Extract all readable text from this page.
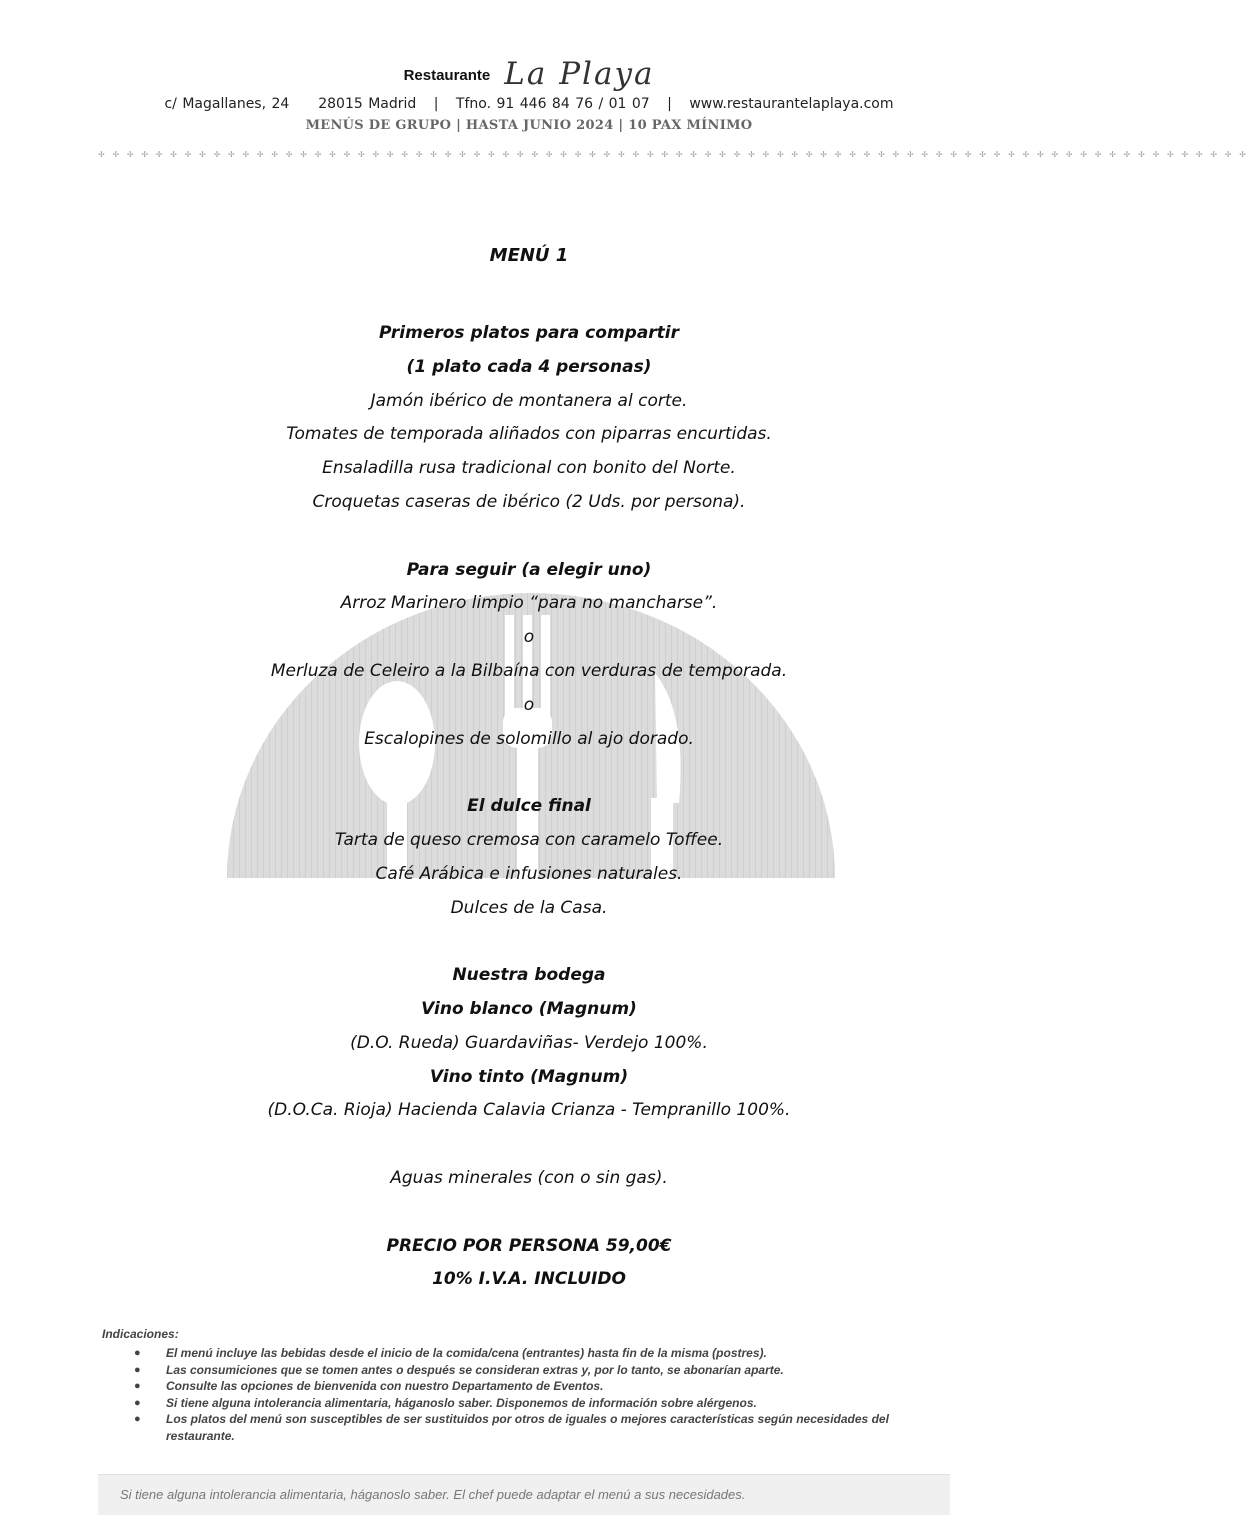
Restaurante La Playa
c/ Magallanes, 24 28015 Madrid | Tfno. 91 446 84 76 / 01 07 | www.restaurantelaplaya.com
MENÚS DE GRUPO | HASTA JUNIO 2024 | 10 PAX MÍNIMO
✢ ✢ ✢ ✢ ✢ ✢ ✢ ✢ ✢ ✢ ✢ ✢ ✢ ✢ ✢ ✢ ✢ ✢ ✢ ✢ ✢ ✢ ✢ ✢ ✢ ✢ ✢ ✢ ✢ ✢ ✢ ✢ ✢ ✢ ✢ ✢ ✢ ✢ ✢ ✢ ✢ ✢ ✢ ✢ ✢ ✢ ✢ ✢ ✢ ✢ ✢ ✢ ✢ ✢ ✢ ✢ ✢ ✢ ✢ ✢ ✢ ✢ ✢ ✢ ✢ ✢ ✢ ✢ ✢ ✢ ✢ ✢ ✢ ✢ ✢ ✢ ✢ ✢ ✢ ✢
MENÚ 1
Primeros platos para compartir
(1 plato cada 4 personas)
Jamón ibérico de montanera al corte.
Tomates de temporada aliñados con piparras encurtidas.
Ensaladilla rusa tradicional con bonito del Norte.
Croquetas caseras de ibérico (2 Uds. por persona).
Para seguir (a elegir uno)
Arroz Marinero limpio “para no mancharse”.
o
Merluza de Celeiro a la Bilbaína con verduras de temporada.
o
Escalopines de solomillo al ajo dorado.
El dulce final
Tarta de queso cremosa con caramelo Toffee.
Café Arábica e infusiones naturales.
Dulces de la Casa.
Nuestra bodega
Vino blanco (Magnum)
(D.O. Rueda) Guardaviñas- Verdejo 100%.
Vino tinto (Magnum)
(D.O.Ca. Rioja) Hacienda Calavia Crianza - Tempranillo 100%.
Aguas minerales (con o sin gas).
PRECIO POR PERSONA 59,00€
10% I.V.A. INCLUIDO
Indicaciones:
● El menú incluye las bebidas desde el inicio de la comida/cena (entrantes) hasta fin de la misma (postres).
● Las consumiciones que se tomen antes o después se consideran extras y, por lo tanto, se abonarían aparte.
● Consulte las opciones de bienvenida con nuestro Departamento de Eventos.
● Si tiene alguna intolerancia alimentaria, háganoslo saber. Disponemos de información sobre alérgenos.
● Los platos del menú son susceptibles de ser sustituidos por otros de iguales o mejores características según necesidades del restaurante.
Si tiene alguna intolerancia alimentaria, háganoslo saber. El chef puede adaptar el menú a sus necesidades.
